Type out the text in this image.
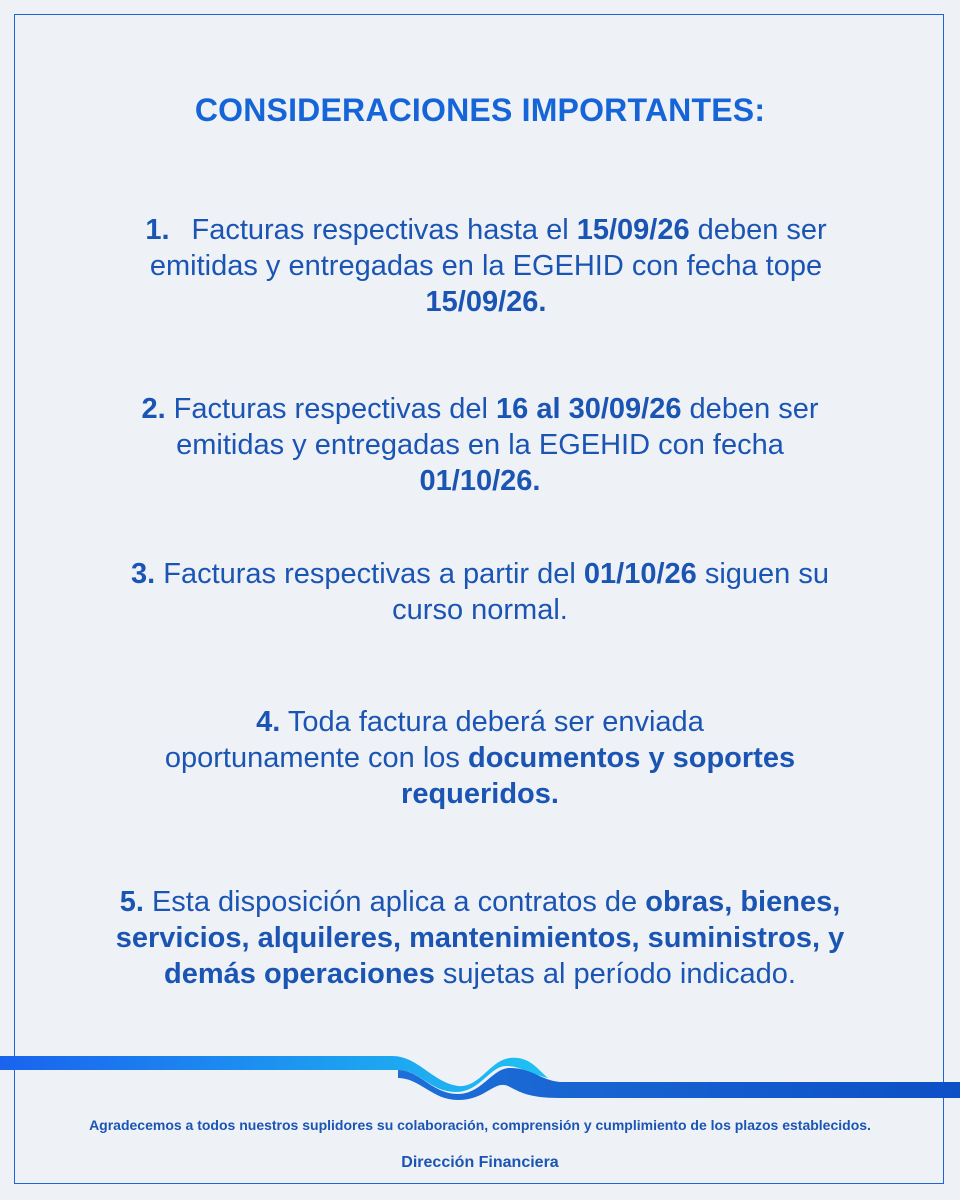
CONSIDERACIONES IMPORTANTES:
1. Facturas respectivas hasta el 15/09/26 deben ser
emitidas y entregadas en la EGEHID con fecha tope
15/09/26.
2. Facturas respectivas del 16 al 30/09/26 deben ser
emitidas y entregadas en la EGEHID con fecha
01/10/26.
3. Facturas respectivas a partir del 01/10/26 siguen su
curso normal.
4. Toda factura deberá ser enviada
oportunamente con los documentos y soportes
requeridos.
5. Esta disposición aplica a contratos de obras, bienes,
servicios, alquileres, mantenimientos, suministros, y
demás operaciones sujetas al período indicado.
Agradecemos a todos nuestros suplidores su colaboración, comprensión y cumplimiento de los plazos establecidos.
Dirección Financiera
